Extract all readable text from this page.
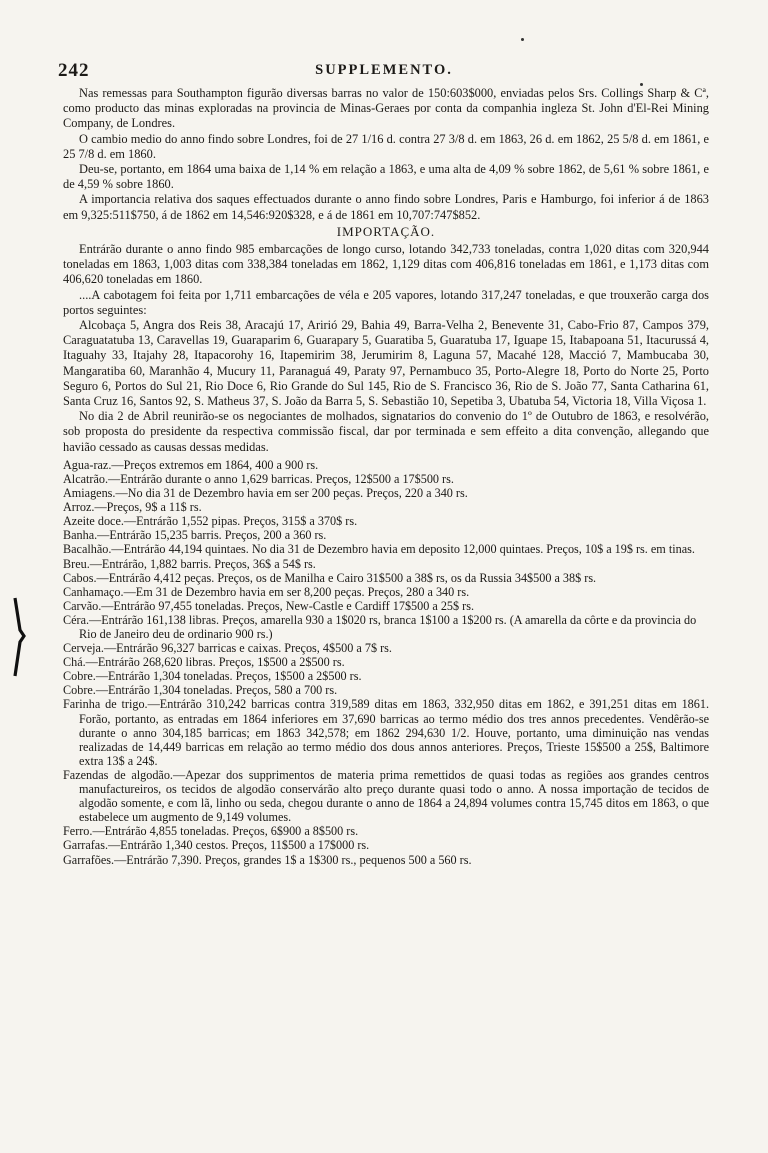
242	SUPPLEMENTO.

Nas remessas para Southampton figurão diversas barras no valor de 150:603$000, enviadas pelos Srs. Collings Sharp & Cª, como producto das minas exploradas na provincia de Minas-Geraes por conta da companhia ingleza St. John d'El-Rei Mining Company, de Londres.

O cambio medio do anno findo sobre Londres, foi de 27 1/16 d. contra 27 3/8 d. em 1863, 26 d. em 1862, 25 5/8 d. em 1861, e 25 7/8 d. em 1860.

Deu-se, portanto, em 1864 uma baixa de 1,14 % em relação a 1863, e uma alta de 4,09 % sobre 1862, de 5,61 % sobre 1861, e de 4,59 % sobre 1860.

A importancia relativa dos saques effectuados durante o anno findo sobre Londres, Paris e Hamburgo, foi inferior á de 1863 em 9,325:511$750, á de 1862 em 14,546:920$328, e á de 1861 em 10,707:747$852.

IMPORTAÇÃO.

Entrárão durante o anno findo 985 embarcações de longo curso, lotando 342,733 toneladas, contra 1,020 ditas com 320,944 toneladas em 1863, 1,003 ditas com 338,384 toneladas em 1862, 1,129 ditas com 406,816 toneladas em 1861, e 1,173 ditas com 406,620 toneladas em 1860.

....A cabotagem foi feita por 1,711 embarcações de véla e 205 vapores, lotando 317,247 toneladas, e que trouxerão carga dos portos seguintes:

Alcobaça 5, Angra dos Reis 38, Aracajú 17, Aririó 29, Bahia 49, Barra-Velha 2, Benevente 31, Cabo-Frio 87, Campos 379, Caraguatatuba 13, Caravellas 19, Guaraparim 6, Guarapary 5, Guaratiba 5, Guaratuba 17, Iguape 15, Itabapoana 51, Itacurussá 4, Itaguahy 33, Itajahy 28, Itapacorohy 16, Itapemirim 38, Jerumirim 8, Laguna 57, Macahé 128, Macció 7, Mambucaba 30, Mangaratiba 60, Maranhão 4, Mucury 11, Paranaguá 49, Paraty 97, Pernambuco 35, Porto-Alegre 18, Porto do Norte 25, Porto Seguro 6, Portos do Sul 21, Rio Doce 6, Rio Grande do Sul 145, Rio de S. Francisco 36, Rio de S. João 77, Santa Catharina 61, Santa Cruz 16, Santos 92, S. Matheus 37, S. João da Barra 5, S. Sebastião 10, Sepetiba 3, Ubatuba 54, Victoria 18, Villa Viçosa 1.

No dia 2 de Abril reunirão-se os negociantes de molhados, signatarios do convenio do 1º de Outubro de 1863, e resolvérão, sob proposta do presidente da respectiva commissão fiscal, dar por terminada e sem effeito a dita convenção, allegando que havião cessado as causas dessas medidas.

Agua-raz.—Preços extremos em 1864, 400 a 900 rs.

Alcatrão.—Entrárão durante o anno 1,629 barricas. Preços, 12$500 a 17$500 rs.

Amiagens.—No dia 31 de Dezembro havia em ser 200 peças. Preços, 220 a 340 rs.

Arroz.—Preços, 9$ a 11$ rs.

Azeite doce.—Entrárão 1,552 pipas. Preços, 315$ a 370$ rs.

Banha.—Entrárão 15,235 barris. Preços, 200 a 360 rs.

Bacalhão.—Entrárão 44,194 quintaes. No dia 31 de Dezembro havia em deposito 12,000 quintaes. Preços, 10$ a 19$ rs. em tinas.

Breu.—Entrárão, 1,882 barris. Preços, 36$ a 54$ rs.

Cabos.—Entrárão 4,412 peças. Preços, os de Manilha e Cairo 31$500 a 38$ rs, os da Russia 34$500 a 38$ rs.

Canhamaço.—Em 31 de Dezembro havia em ser 8,200 peças. Preços, 280 a 340 rs.

Carvão.—Entrárão 97,455 toneladas. Preços, New-Castle e Cardiff 17$500 a 25$ rs.

Céra.—Entrárão 161,138 libras. Preços, amarella 930 a 1$020 rs, branca 1$100 a 1$200 rs. (A amarella da côrte e da provincia do Rio de Janeiro deu de ordinario 900 rs.)

Cerveja.—Entrárão 96,327 barricas e caixas. Preços, 4$500 a 7$ rs.

Chá.—Entrárão 268,620 libras. Preços, 1$500 a 2$500 rs.

Cobre.—Entrárão 1,304 toneladas. Preços, 1$500 a 2$500 rs.

Cobre.—Entrárão 1,304 toneladas. Preços, 580 a 700 rs.

Farinha de trigo.—Entrárão 310,242 barricas contra 319,589 ditas em 1863, 332,950 ditas em 1862, e 391,251 ditas em 1861. Forão, portanto, as entradas em 1864 inferiores em 37,690 barricas ao termo médio dos tres annos precedentes. Vendêrão-se durante o anno 304,185 barricas; em 1863 342,578; em 1862 294,630 1/2. Houve, portanto, uma diminuição nas vendas realizadas de 14,449 barricas em relação ao termo médio dos dous annos anteriores. Preços, Trieste 15$500 a 25$, Baltimore extra 13$ a 24$.

Fazendas de algodão.—Apezar dos supprimentos de materia prima remettidos de quasi todas as regiões aos grandes centros manufactureiros, os tecidos de algodão conservárão alto preço durante quasi todo o anno. A nossa importação de tecidos de algodão somente, e com lã, linho ou seda, chegou durante o anno de 1864 a 24,894 volumes contra 15,745 ditos em 1863, o que estabelece um augmento de 9,149 volumes.

Ferro.—Entrárão 4,855 toneladas. Preços, 6$900 a 8$500 rs.

Garrafas.—Entrárão 1,340 cestos. Preços, 11$500 a 17$000 rs.

Garrafões.—Entrárão 7,390. Preços, grandes 1$ a 1$300 rs., pequenos 500 a 560 rs.
